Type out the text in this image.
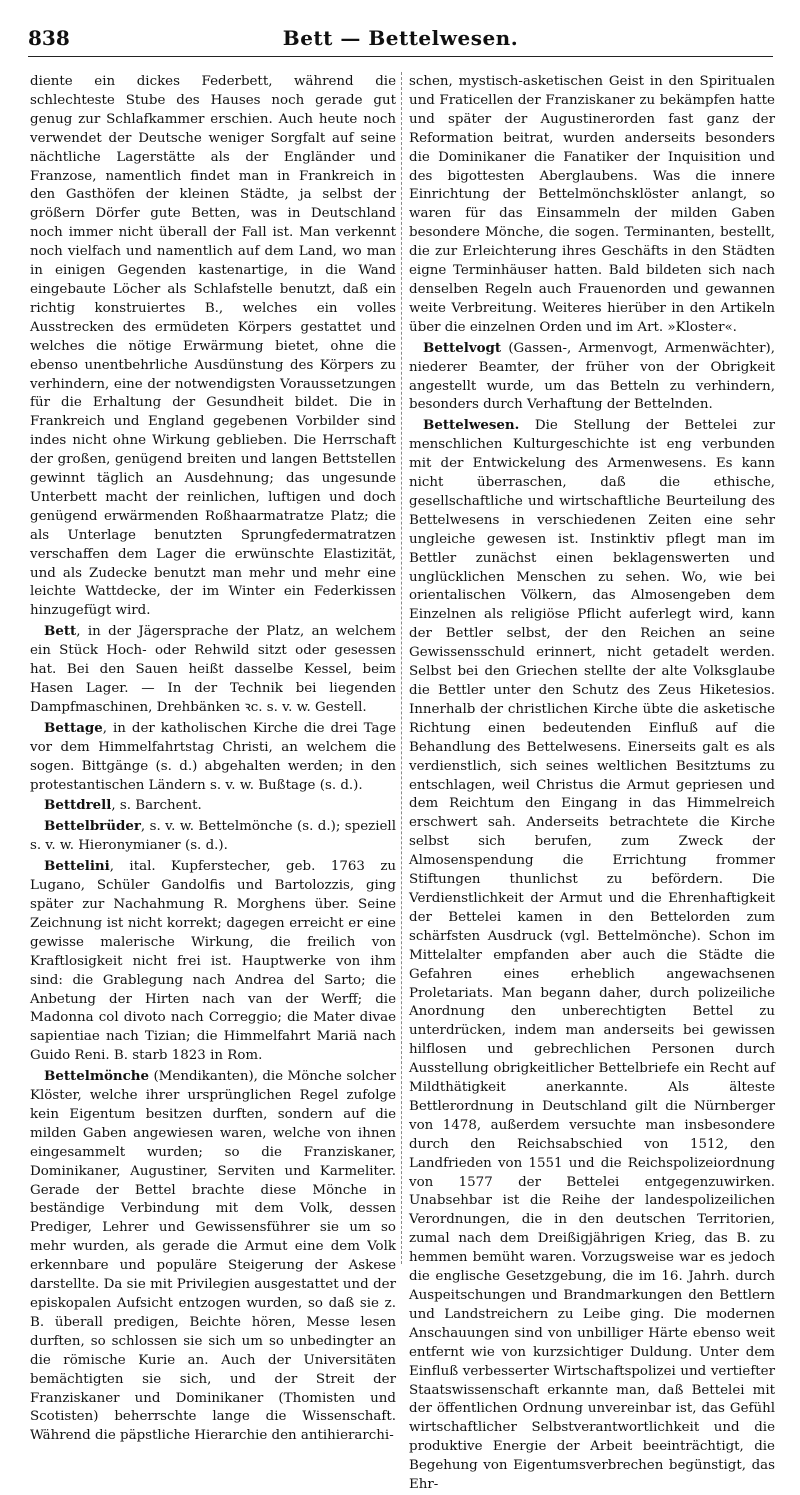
838	Bett — Bettelwesen.

diente ein dickes Federbett, während die schlechteste Stube des Hauses noch gerade gut genug zur Schlafkammer erschien. Auch heute noch verwendet der Deutsche weniger Sorgfalt auf seine nächtliche Lagerstätte als der Engländer und Franzose, namentlich findet man in Frankreich in den Gasthöfen der kleinen Städte, ja selbst der größern Dörfer gute Betten, was in Deutschland noch immer nicht überall der Fall ist. Man verkennt noch vielfach und namentlich auf dem Land, wo man in einigen Gegenden kastenartige, in die Wand eingebaute Löcher als Schlafstelle benutzt, daß ein richtig konstruiertes B., welches ein volles Ausstrecken des ermüdeten Körpers gestattet und welches die nötige Erwärmung bietet, ohne die ebenso unentbehrliche Ausdünstung des Körpers zu verhindern, eine der notwendigsten Voraussetzungen für die Erhaltung der Gesundheit bildet. Die in Frankreich und England gegebenen Vorbilder sind indes nicht ohne Wirkung geblieben. Die Herrschaft der großen, genügend breiten und langen Bettstellen gewinnt täglich an Ausdehnung; das ungesunde Unterbett macht der reinlichen, luftigen und doch genügend erwärmenden Roßhaarmatratze Platz; die als Unterlage benutzten Sprungfedermatratzen verschaffen dem Lager die erwünschte Elastizität, und als Zudecke benutzt man mehr und mehr eine leichte Wattdecke, der im Winter ein Federkissen hinzugefügt wird.

Bett, in der Jägersprache der Platz, an welchem ein Stück Hoch- oder Rehwild sitzt oder gesessen hat. Bei den Sauen heißt dasselbe Kessel, beim Hasen Lager. — In der Technik bei liegenden Dampfmaschinen, Drehbänken ꝛc. s. v. w. Gestell.

Bettage, in der katholischen Kirche die drei Tage vor dem Himmelfahrtstag Christi, an welchem die sogen. Bittgänge (s. d.) abgehalten werden; in den protestantischen Ländern s. v. w. Bußtage (s. d.).

Bettdrell, s. Barchent.

Bettelbrüder, s. v. w. Bettelmönche (s. d.); speziell s. v. w. Hieronymianer (s. d.).

Bettelini, ital. Kupferstecher, geb. 1763 zu Lugano, Schüler Gandolfis und Bartolozzis, ging später zur Nachahmung R. Morghens über. Seine Zeichnung ist nicht korrekt; dagegen erreicht er eine gewisse malerische Wirkung, die freilich von Kraftlosigkeit nicht frei ist. Hauptwerke von ihm sind: die Grablegung nach Andrea del Sarto; die Anbetung der Hirten nach van der Werff; die Madonna col divoto nach Correggio; die Mater divae sapientiae nach Tizian; die Himmelfahrt Mariä nach Guido Reni. B. starb 1823 in Rom.

Bettelmönche (Mendikanten), die Mönche solcher Klöster, welche ihrer ursprünglichen Regel zufolge kein Eigentum besitzen durften, sondern auf die milden Gaben angewiesen waren, welche von ihnen eingesammelt wurden; so die Franziskaner, Dominikaner, Augustiner, Serviten und Karmeliter. Gerade der Bettel brachte diese Mönche in beständige Verbindung mit dem Volk, dessen Prediger, Lehrer und Gewissensführer sie um so mehr wurden, als gerade die Armut eine dem Volk erkennbare und populäre Steigerung der Askese darstellte. Da sie mit Privilegien ausgestattet und der episkopalen Aufsicht entzogen wurden, so daß sie z. B. überall predigen, Beichte hören, Messe lesen durften, so schlossen sie sich um so unbedingter an die römische Kurie an. Auch der Universitäten bemächtigten sie sich, und der Streit der Franziskaner und Dominikaner (Thomisten und Scotisten) beherrschte lange die Wissenschaft. Während die päpstliche Hierarchie den antihierarchi-

schen, mystisch-asketischen Geist in den Spiritualen und Fraticellen der Franziskaner zu bekämpfen hatte und später der Augustinerorden fast ganz der Reformation beitrat, wurden anderseits besonders die Dominikaner die Fanatiker der Inquisition und des bigottesten Aberglaubens. Was die innere Einrichtung der Bettelmönchsklöster anlangt, so waren für das Einsammeln der milden Gaben besondere Mönche, die sogen. Terminanten, bestellt, die zur Erleichterung ihres Geschäfts in den Städten eigne Terminhäuser hatten. Bald bildeten sich nach denselben Regeln auch Frauenorden und gewannen weite Verbreitung. Weiteres hierüber in den Artikeln über die einzelnen Orden und im Art. »Kloster«.

Bettelvogt (Gassen-, Armenvogt, Armenwächter), niederer Beamter, der früher von der Obrigkeit angestellt wurde, um das Betteln zu verhindern, besonders durch Verhaftung der Bettelnden.

Bettelwesen. Die Stellung der Bettelei zur menschlichen Kulturgeschichte ist eng verbunden mit der Entwickelung des Armenwesens. Es kann nicht überraschen, daß die ethische, gesellschaftliche und wirtschaftliche Beurteilung des Bettelwesens in verschiedenen Zeiten eine sehr ungleiche gewesen ist. Instinktiv pflegt man im Bettler zunächst einen beklagenswerten und unglücklichen Menschen zu sehen. Wo, wie bei orientalischen Völkern, das Almosengeben dem Einzelnen als religiöse Pflicht auferlegt wird, kann der Bettler selbst, der den Reichen an seine Gewissensschuld erinnert, nicht getadelt werden. Selbst bei den Griechen stellte der alte Volksglaube die Bettler unter den Schutz des Zeus Hiketesios. Innerhalb der christlichen Kirche übte die asketische Richtung einen bedeutenden Einfluß auf die Behandlung des Bettelwesens. Einerseits galt es als verdienstlich, sich seines weltlichen Besitztums zu entschlagen, weil Christus die Armut gepriesen und dem Reichtum den Eingang in das Himmelreich erschwert sah. Anderseits betrachtete die Kirche selbst sich berufen, zum Zweck der Almosenspendung die Errichtung frommer Stiftungen thunlichst zu befördern. Die Verdienstlichkeit der Armut und die Ehrenhaftigkeit der Bettelei kamen in den Bettelorden zum schärfsten Ausdruck (vgl. Bettelmönche). Schon im Mittelalter empfanden aber auch die Städte die Gefahren eines erheblich angewachsenen Proletariats. Man begann daher, durch polizeiliche Anordnung den unberechtigten Bettel zu unterdrücken, indem man anderseits bei gewissen hilflosen und gebrechlichen Personen durch Ausstellung obrigkeitlicher Bettelbriefe ein Recht auf Mildthätigkeit anerkannte. Als älteste Bettlerordnung in Deutschland gilt die Nürnberger von 1478, außerdem versuchte man insbesondere durch den Reichsabschied von 1512, den Landfrieden von 1551 und die Reichspolizeiordnung von 1577 der Bettelei entgegenzuwirken. Unabsehbar ist die Reihe der landespolizeilichen Verordnungen, die in den deutschen Territorien, zumal nach dem Dreißigjährigen Krieg, das B. zu hemmen bemüht waren. Vorzugsweise war es jedoch die englische Gesetzgebung, die im 16. Jahrh. durch Auspeitschungen und Brandmarkungen den Bettlern und Landstreichern zu Leibe ging. Die modernen Anschauungen sind von unbilliger Härte ebenso weit entfernt wie von kurzsichtiger Duldung. Unter dem Einfluß verbesserter Wirtschaftspolizei und vertiefter Staatswissenschaft erkannte man, daß Bettelei mit der öffentlichen Ordnung unvereinbar ist, das Gefühl wirtschaftlicher Selbstverantwortlichkeit und die produktive Energie der Arbeit beeinträchtigt, die Begehung von Eigentumsverbrechen begünstigt, das Ehr-
